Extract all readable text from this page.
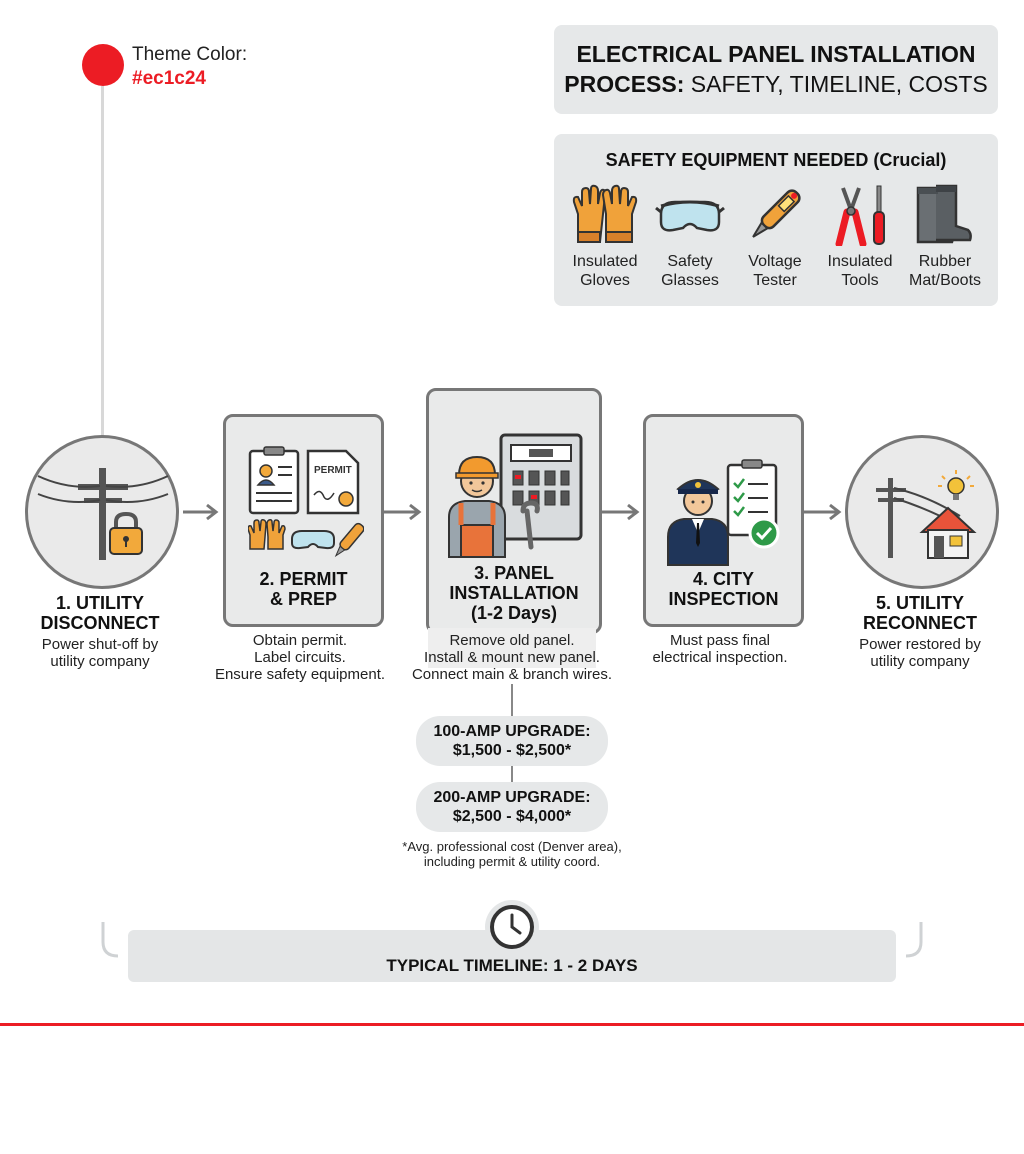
Theme Color:
#ec1c24
ELECTRICAL PANEL INSTALLATION
PROCESS: SAFETY, TIMELINE, COSTS
SAFETY EQUIPMENT NEEDED (Crucial)
Insulated
Gloves
Safety
Glasses
Voltage
Tester
Insulated
Tools
Rubber
Mat/Boots
1. UTILITY
DISCONNECT
Power shut-off by
utility company
PERMIT
2. PERMIT
& PREP
Obtain permit.
Label circuits.
Ensure safety equipment.
3. PANEL
INSTALLATION
(1-2 Days)
Remove old panel.
Install & mount new panel.
Connect main & branch wires.
100-AMP UPGRADE:
$1,500 - $2,500*
200-AMP UPGRADE:
$2,500 - $4,000*
*Avg. professional cost (Denver area),
including permit & utility coord.
4. CITY
INSPECTION
Must pass final
electrical inspection.
5. UTILITY
RECONNECT
Power restored by
utility company
TYPICAL TIMELINE: 1 - 2 DAYS
